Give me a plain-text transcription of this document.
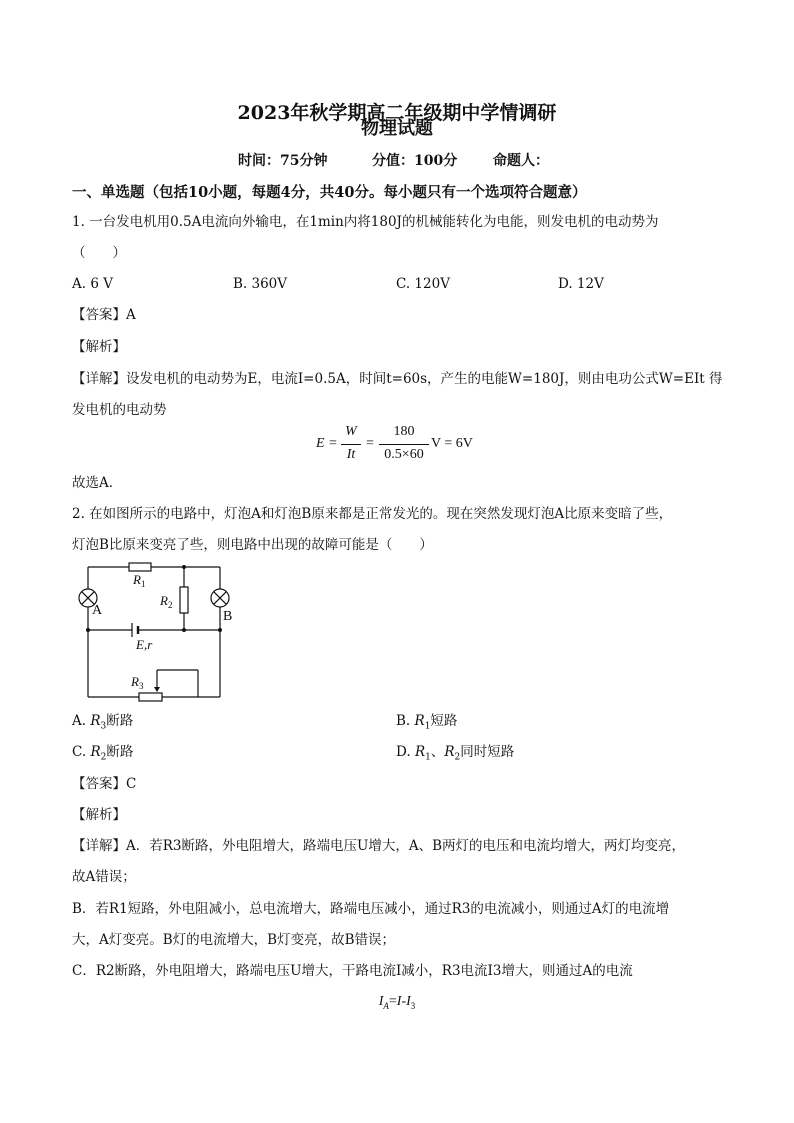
2023年秋学期高二年级期中学情调研
物理试题
时间：75分钟	分值：100分	命题人：
一、单选题（包括10小题，每题4分，共40分。每小题只有一个选项符合题意）
1. 一台发电机用0.5A电流向外输电，在1min内将180J的机械能转化为电能，则发电机的电动势为
（　　）
A. 6 V	B. 360V	C. 120V	D. 12V
【答案】A
【解析】
【详解】设发电机的电动势为E，电流I=0.5A，时间t=60s，产生的电能W=180J，则由电功公式W=EIt 得
发电机的电动势
E =
W
It
=
180
0.5×60
V = 6V
故选A．
2. 在如图所示的电路中，灯泡A和灯泡B原来都是正常发光的。现在突然发现灯泡A比原来变暗了些，
灯泡B比原来变亮了些，则电路中出现的故障可能是（　　）
$R_1$
$R_2$
$R_3$
E,r
A	B
A. $R_3$断路	B. $R_1$短路
C. $R_2$断路	D. $R_1$、$R_2$同时短路
【答案】C
【解析】
【详解】A．若R3断路，外电阻增大，路端电压U增大，A、B两灯的电压和电流均增大，两灯均变亮，
故A错误；
B．若R1短路，外电阻减小，总电流增大，路端电压减小，通过R3的电流减小，则通过A灯的电流增
大，A灯变亮。B灯的电流增大，B灯变亮，故B错误；
C．R2断路，外电阻增大，路端电压U增大，干路电流I减小，R3电流I3增大，则通过A的电流
$I_A=I-I_3$
